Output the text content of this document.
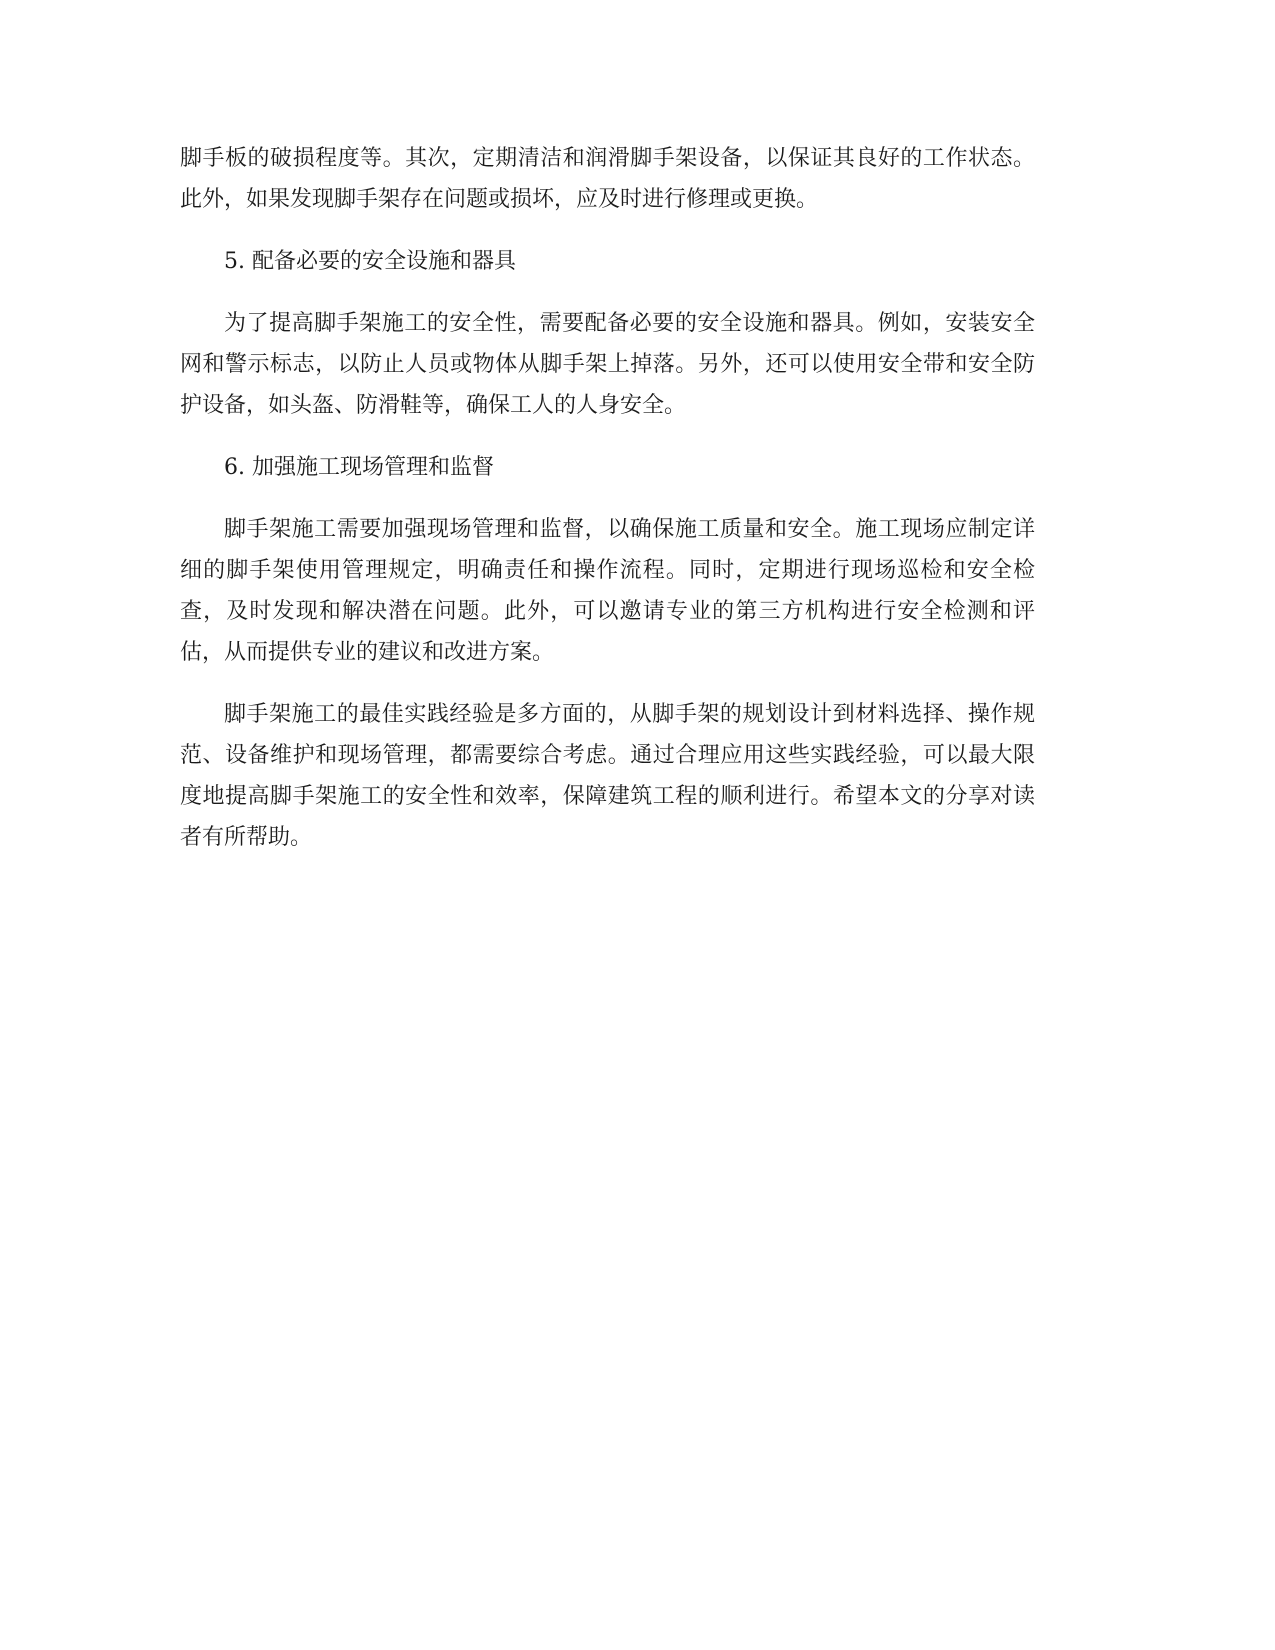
脚手板的破损程度等。其次，定期清洁和润滑脚手架设备，以保证其良好的工作状态。此外，如果发现脚手架存在问题或损坏，应及时进行修理或更换。

5. 配备必要的安全设施和器具

为了提高脚手架施工的安全性，需要配备必要的安全设施和器具。例如，安装安全网和警示标志，以防止人员或物体从脚手架上掉落。另外，还可以使用安全带和安全防护设备，如头盔、防滑鞋等，确保工人的人身安全。

6. 加强施工现场管理和监督

脚手架施工需要加强现场管理和监督，以确保施工质量和安全。施工现场应制定详细的脚手架使用管理规定，明确责任和操作流程。同时，定期进行现场巡检和安全检查，及时发现和解决潜在问题。此外，可以邀请专业的第三方机构进行安全检测和评估，从而提供专业的建议和改进方案。

脚手架施工的最佳实践经验是多方面的，从脚手架的规划设计到材料选择、操作规范、设备维护和现场管理，都需要综合考虑。通过合理应用这些实践经验，可以最大限度地提高脚手架施工的安全性和效率，保障建筑工程的顺利进行。希望本文的分享对读者有所帮助。
